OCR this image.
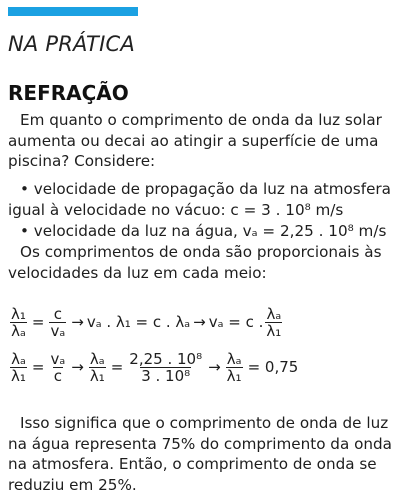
NA PRÁTICA
REFRAÇÃO
Em quanto o comprimento de onda da luz solar aumenta ou decai ao atingir a superfície de uma piscina? Considere:
• velocidade de propagação da luz na atmosfera igual à velocidade no vácuo: c = 3 . 10⁸ m/s
• velocidade da luz na água, vₐ = 2,25 . 10⁸ m/s
Os comprimentos de onda são proporcionais às velocidades da luz em cada meio:
$\frac{\text{λ₁}}{\text{λₐ}} = \frac{c}{\text{vₐ}} \to v_a$ . λ₁ = c . λₐ → vₐ = c . $\frac{\text{λₐ}}{\text{λ₁}}$
$\frac{\text{λₐ}}{\text{λ₁}} = \frac{\text{vₐ}}{c} \to \frac{\text{λₐ}}{\text{λ₁}} = \frac{\text{2,25 . 10⁸}}{\text{3 . 10⁸}} \to \frac{\text{λₐ}}{\text{λ₁}} = 0,75$
Isso significa que o comprimento de onda de luz na água representa 75% do comprimento da onda na atmosfera. Então, o comprimento de onda se reduziu em 25%.
